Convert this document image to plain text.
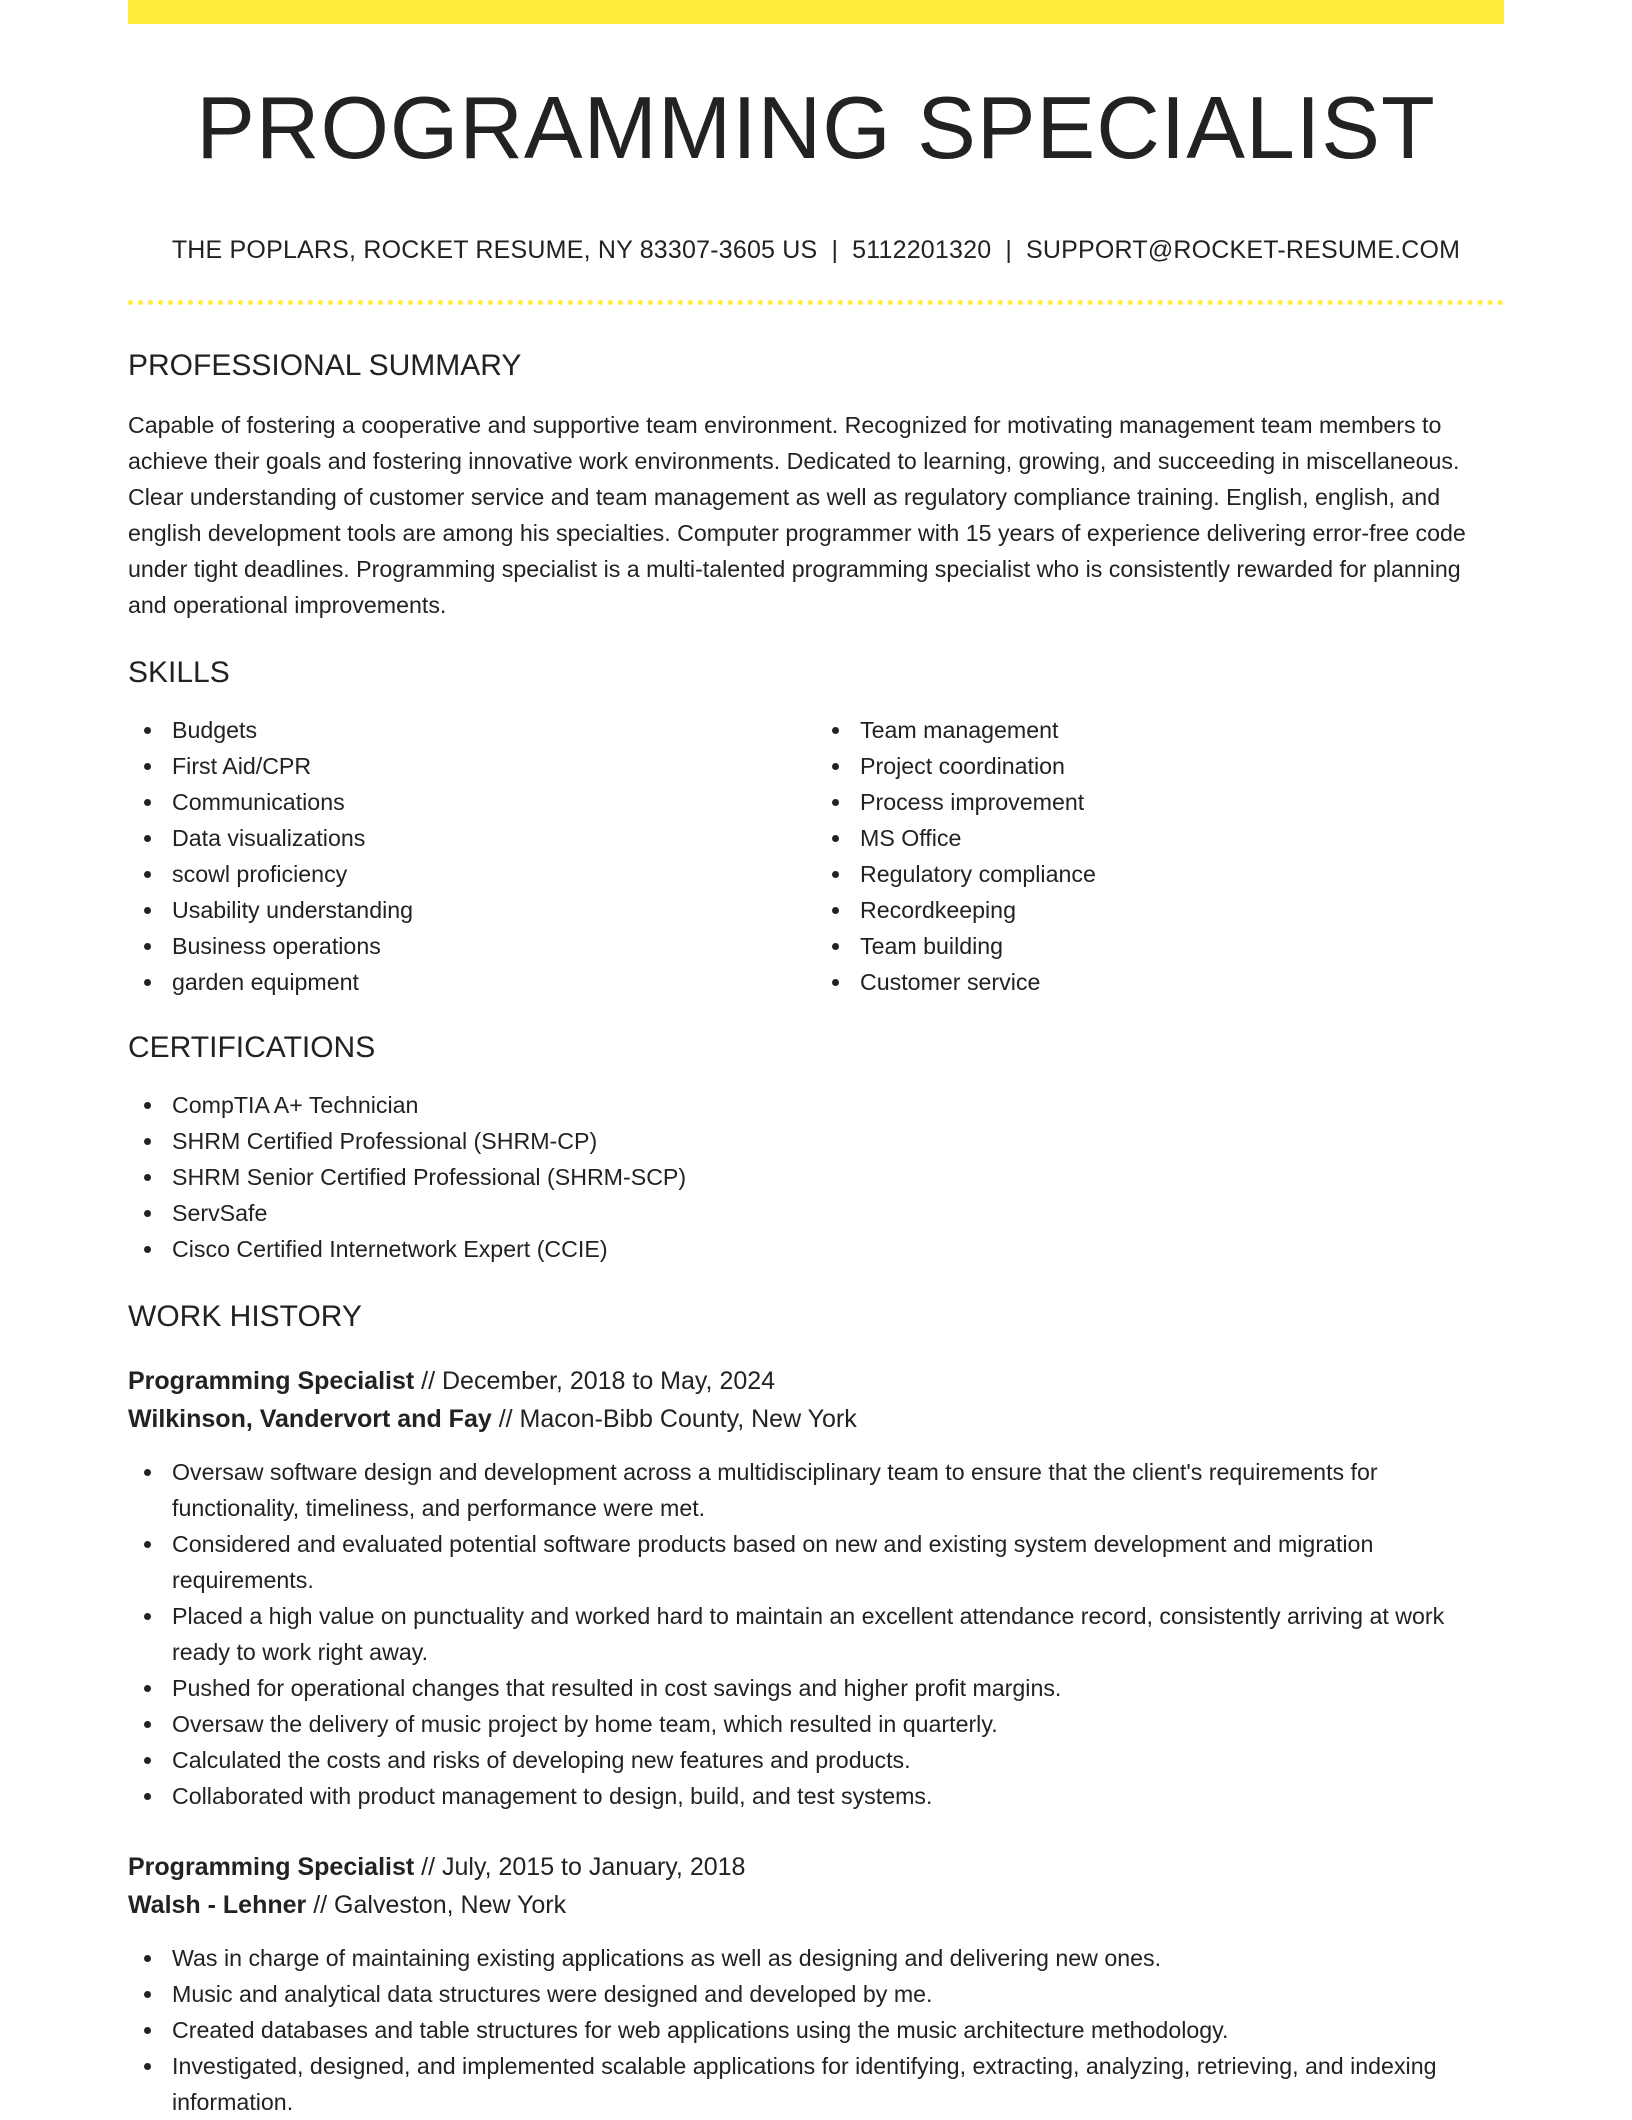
PROGRAMMING SPECIALIST
THE POPLARS, ROCKET RESUME, NY 83307-3605 US | 5112201320 | SUPPORT@ROCKET-RESUME.COM
PROFESSIONAL SUMMARY

Capable of fostering a cooperative and supportive team environment. Recognized for motivating management team members to achieve their goals and fostering innovative work environments. Dedicated to learning, growing, and succeeding in miscellaneous. Clear understanding of customer service and team management as well as regulatory compliance training. English, english, and english development tools are among his specialties. Computer programmer with 15 years of experience delivering error-free code under tight deadlines. Programming specialist is a multi-talented programming specialist who is consistently rewarded for planning and operational improvements.

SKILLS
Budgets
First Aid/CPR
Communications
Data visualizations
scowl proficiency
Usability understanding
Business operations
garden equipment
Team management
Project coordination
Process improvement
MS Office
Regulatory compliance
Recordkeeping
Team building
Customer service
CERTIFICATIONS
CompTIA A+ Technician
SHRM Certified Professional (SHRM-CP)
SHRM Senior Certified Professional (SHRM-SCP)
ServSafe
Cisco Certified Internetwork Expert (CCIE)
WORK HISTORY
Programming Specialist // December, 2018 to May, 2024
Wilkinson, Vandervort and Fay // Macon-Bibb County, New York
Oversaw software design and development across a multidisciplinary team to ensure that the client's requirements for functionality, timeliness, and performance were met.
Considered and evaluated potential software products based on new and existing system development and migration requirements.
Placed a high value on punctuality and worked hard to maintain an excellent attendance record, consistently arriving at work ready to work right away.
Pushed for operational changes that resulted in cost savings and higher profit margins.
Oversaw the delivery of music project by home team, which resulted in quarterly.
Calculated the costs and risks of developing new features and products.
Collaborated with product management to design, build, and test systems.
Programming Specialist // July, 2015 to January, 2018
Walsh - Lehner // Galveston, New York
Was in charge of maintaining existing applications as well as designing and delivering new ones.
Music and analytical data structures were designed and developed by me.
Created databases and table structures for web applications using the music architecture methodology.
Investigated, designed, and implemented scalable applications for identifying, extracting, analyzing, retrieving, and indexing information.
